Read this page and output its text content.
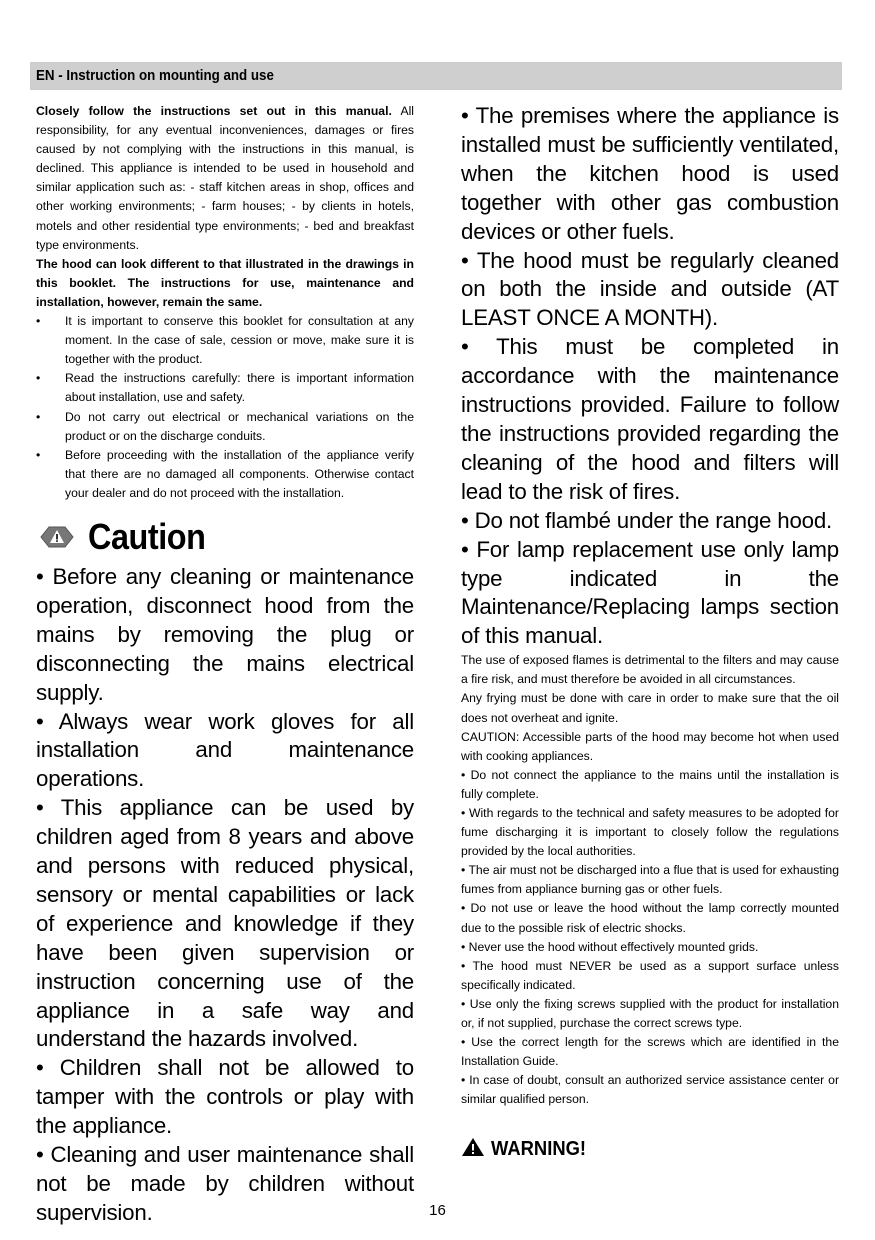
EN - Instruction on mounting and use

Closely follow the instructions set out in this manual. All responsibility, for any eventual inconveniences, damages or fires caused by not complying with the instructions in this manual, is declined. This appliance is intended to be used in household and similar application such as: - staff kitchen areas in shop, offices and other working environments; - farm houses; - by clients in hotels, motels and other residential type environments; - bed and breakfast type environments.

The hood can look different to that illustrated in the drawings in this booklet. The instructions for use, maintenance and installation, however, remain the same.

• It is important to conserve this booklet for consultation at any moment. In the case of sale, cession or move, make sure it is together with the product.
• Read the instructions carefully: there is important information about installation, use and safety.
• Do not carry out electrical or mechanical variations on the product or on the discharge conduits.
• Before proceeding with the installation of the appliance verify that there are no damaged all components. Otherwise contact your dealer and do not proceed with the installation.
Caution

• Before any cleaning or maintenance operation, disconnect hood from the mains by removing the plug or disconnecting the mains electrical supply.

• Always wear work gloves for all installation and maintenance operations.

• This appliance can be used by children aged from 8 years and above and persons with reduced physical, sensory or mental capabilities or lack of experience and knowledge if they have been given supervision or instruction concerning use of the appliance in a safe way and understand the hazards involved.

• Children shall not be allowed to tamper with the controls or play with the appliance.

• Cleaning and user maintenance shall not be made by children without supervision.

• The premises where the appliance is installed must be sufficiently ventilated, when the kitchen hood is used together with other gas combustion devices or other fuels.

• The hood must be regularly cleaned on both the inside and outside (AT LEAST ONCE A MONTH).

• This must be completed in accordance with the maintenance instructions provided. Failure to follow the instructions provided regarding the cleaning of the hood and filters will lead to the risk of fires.

• Do not flambé under the range hood.

• For lamp replacement use only lamp type indicated in the Maintenance/Replacing lamps section of this manual.

The use of exposed flames is detrimental to the filters and may cause a fire risk, and must therefore be avoided in all circumstances.

Any frying must be done with care in order to make sure that the oil does not overheat and ignite.

CAUTION: Accessible parts of the hood may become hot when used with cooking appliances.

• Do not connect the appliance to the mains until the installation is fully complete.

• With regards to the technical and safety measures to be adopted for fume discharging it is important to closely follow the regulations provided by the local authorities.

• The air must not be discharged into a flue that is used for exhausting fumes from appliance burning gas or other fuels.

• Do not use or leave the hood without the lamp correctly mounted due to the possible risk of electric shocks.

• Never use the hood without effectively mounted grids.

• The hood must NEVER be used as a support surface unless specifically indicated.

• Use only the fixing screws supplied with the product for installation or, if not supplied, purchase the correct screws type.

• Use the correct length for the screws which are identified in the Installation Guide.

• In case of doubt, consult an authorized service assistance center or similar qualified person.

WARNING!
16
